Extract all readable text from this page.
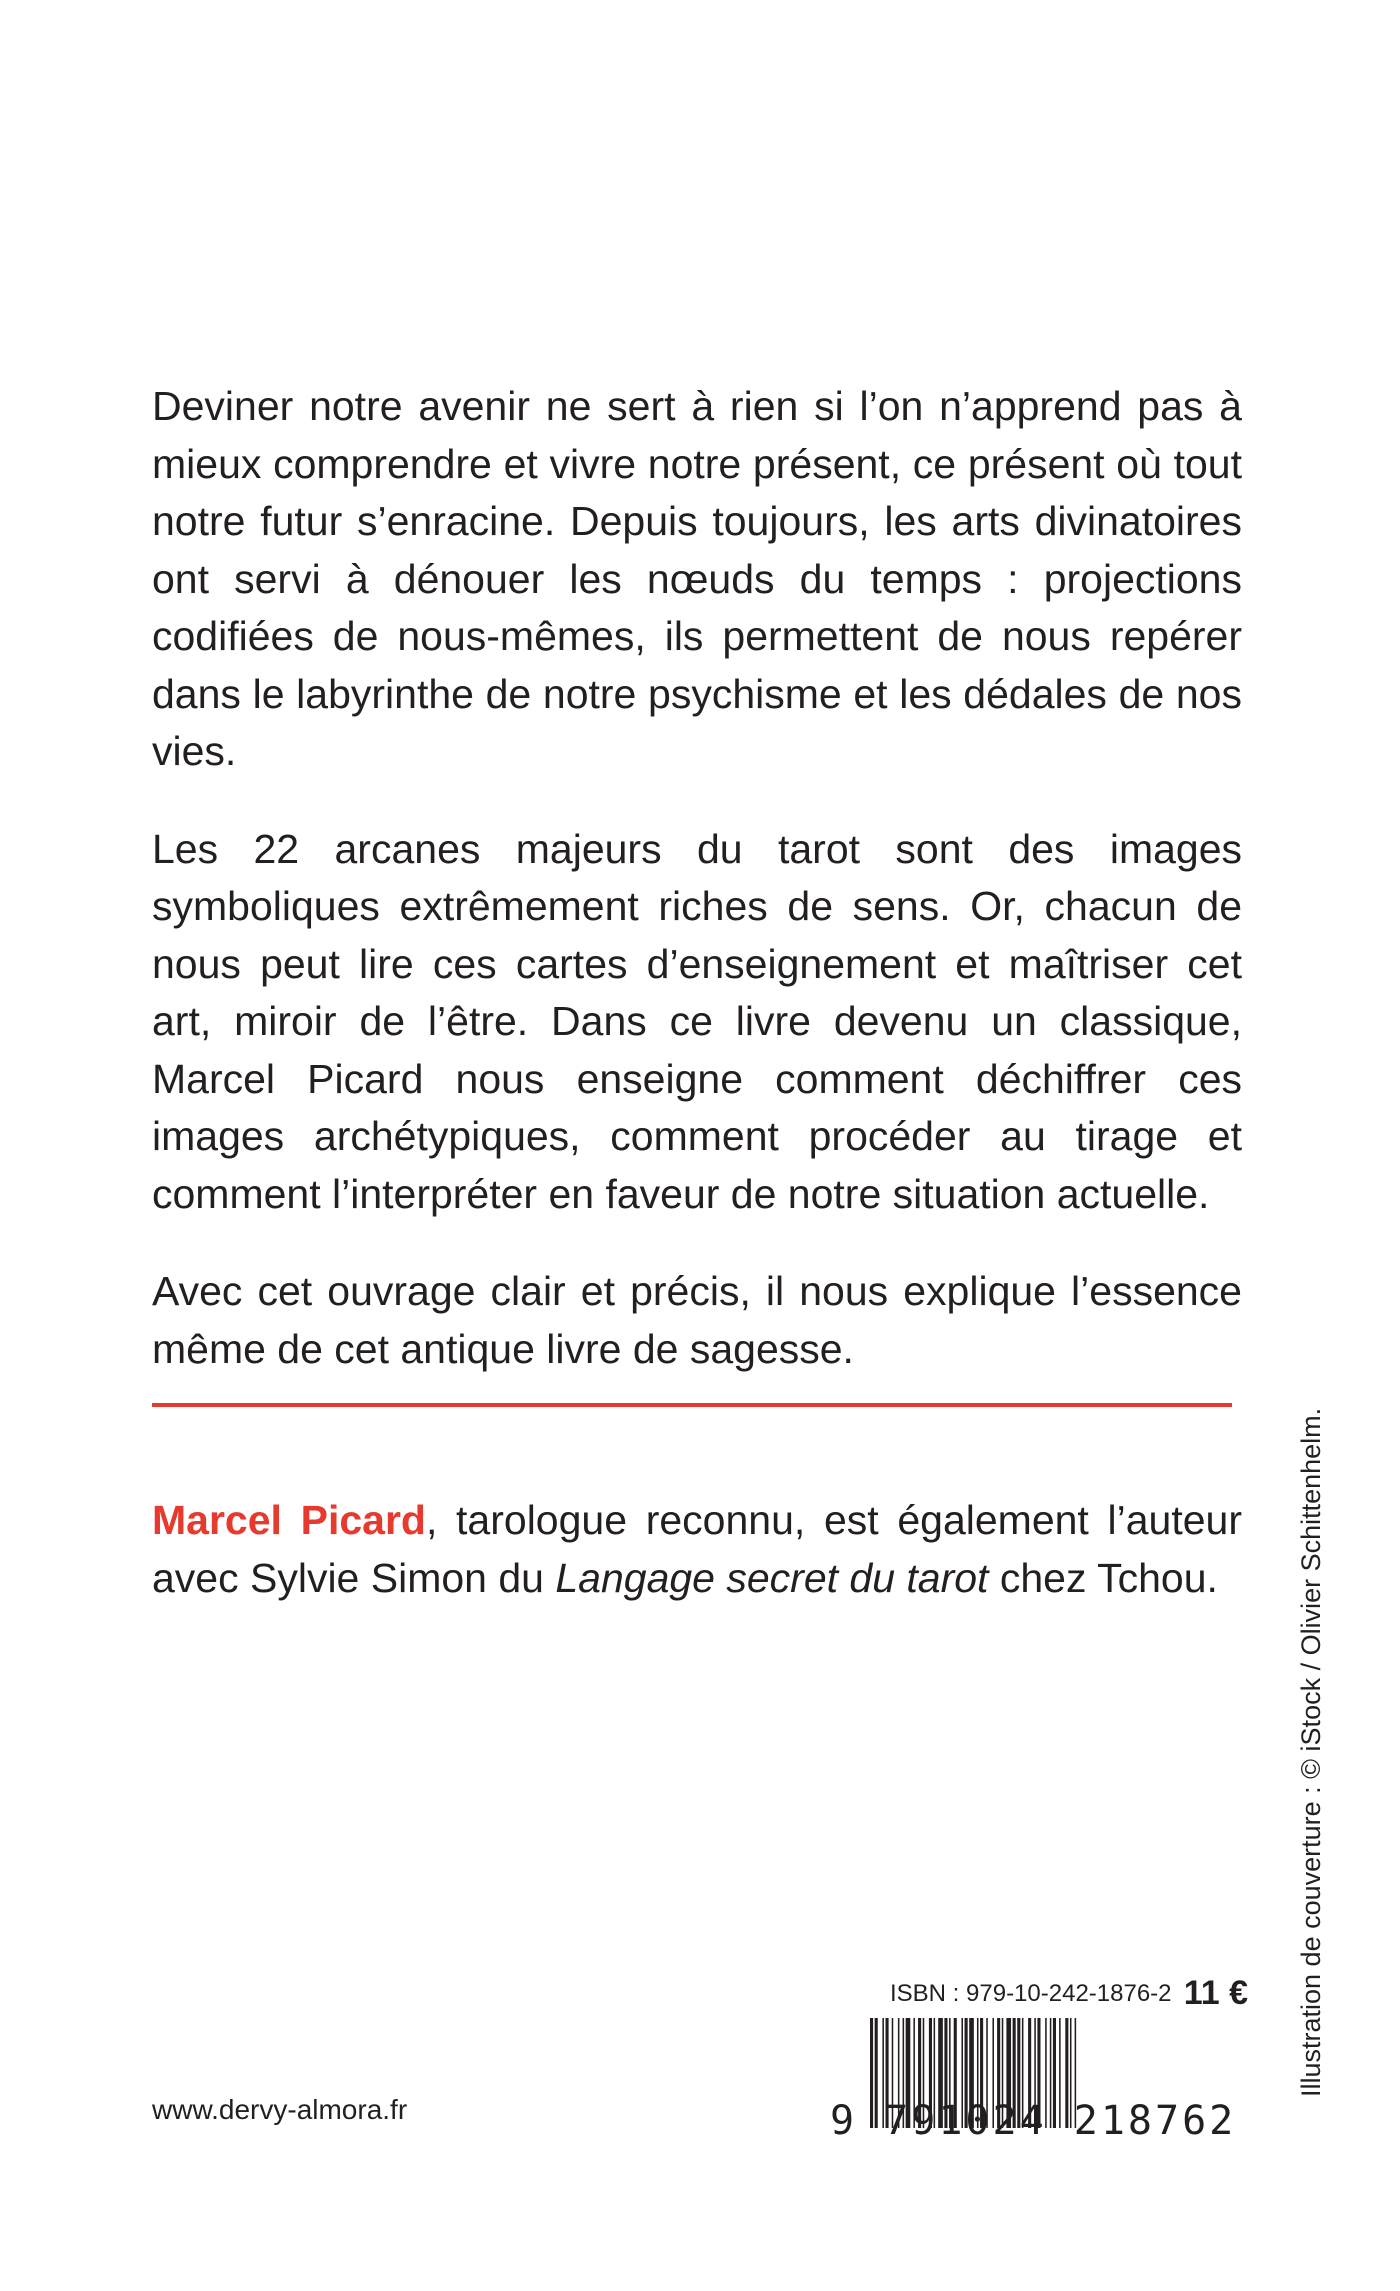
Deviner notre avenir ne sert à rien si l’on n’apprend pas à mieux comprendre et vivre notre présent, ce présent où tout notre futur s’enracine. Depuis toujours, les arts divinatoires ont servi à dénouer les nœuds du temps : projections codifiées de nous-mêmes, ils permettent de nous repérer dans le labyrinthe de notre psychisme et les dédales de nos vies.

Les 22 arcanes majeurs du tarot sont des images symboliques extrêmement riches de sens. Or, chacun de nous peut lire ces cartes d’enseignement et maîtriser cet art, miroir de l’être. Dans ce livre devenu un classique, Marcel Picard nous enseigne comment déchiffrer ces images archétypiques, comment procéder au tirage et comment l’interpréter en faveur de notre situation actuelle.

Avec cet ouvrage clair et précis, il nous explique l’essence même de cet antique livre de sagesse.

Marcel Picard, tarologue reconnu, est également l’auteur avec Sylvie Simon du Langage secret du tarot chez Tchou.	Illustration de couverture : © iStock / Olivier Schittenhelm.
ISBN : 979-10-242-1876-2 11 €
9 791024 218762
www.dervy-almora.fr
